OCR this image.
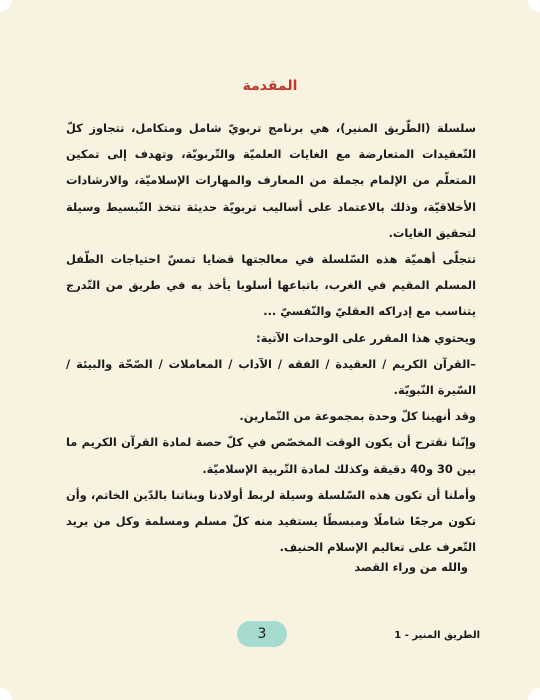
المقدمة

سلسلة (الطّريق المنير)، هي برنامج تربويّ شامل ومتكامل، تتجاوز كلّ التّعقيدات المتعارضة مع الغايات العلميّة والتّربويّة، وتهدف إلى تمكين المتعلّم من الإلمام بجملة من المعارف والمهارات الإسلاميّة، والارشادات الأخلاقيّة، وذلك بالاعتماد على أساليب تربويّة حديثة تتخذ التّبسيط وسيلة لتحقيق الغايات.

تتجلّى أهميّة هذه السّلسلة في معالجتها قضايا تمسّ احتياجات الطّفل المسلم المقيم في الغرب، باتباعها أسلوبا يأخذ به في طريق من التّدرج يتناسب مع إدراكه العقليّ والنّفسيّ ...

ويحتوي هذا المقرر على الوحدات الآتية:

–القرآن الكريم / العقيدة / الفقه / الآداب / المعاملات / الصّحّة والبيئة / السّيرة النّبويّة.

وقد أنهينا كلّ وحدة بمجموعة من التّمارين.

وإنّنا نقترح أن يكون الوقت المخصّص في كلّ حصة لمادة القرآن الكريم ما بين 30 و40 دقيقة وكذلك لمادة التّربية الإسلاميّة.

وأملنا أن تكون هذه السّلسلة وسيلة لربط أولادنا وبناتنا بالدّين الخاتم، وأن تكون مرجعًا شاملًا ومبسطًا يستفيد منه كلّ مسلم ومسلمة وكل من يريد التّعرف على تعاليم الإسلام الحنيف.

والله من وراء القصد
3	الطريق المنير - 1
